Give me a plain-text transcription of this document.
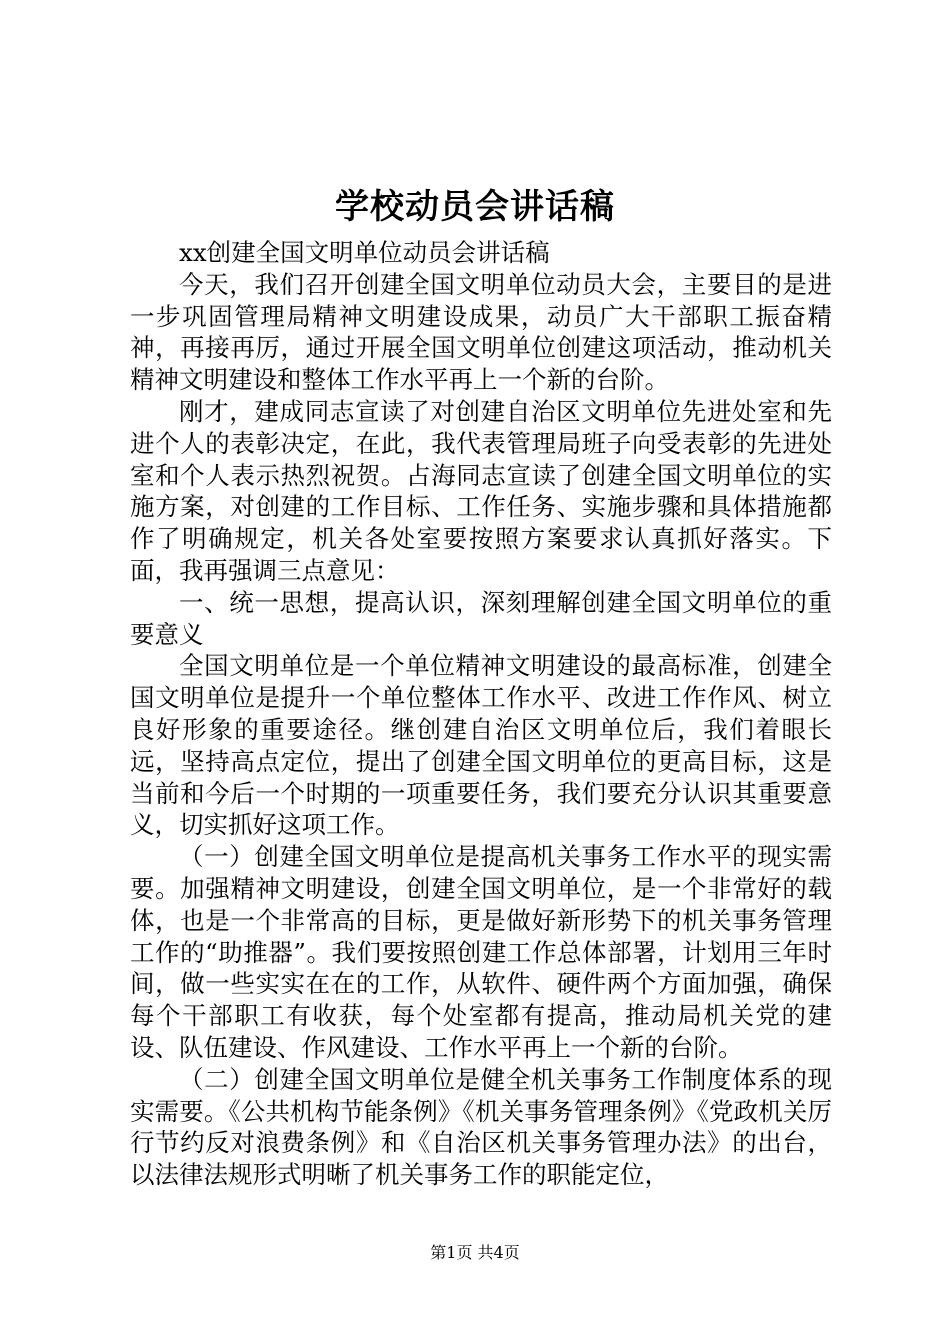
学校动员会讲话稿

xx创建全国文明单位动员会讲话稿

今天，我们召开创建全国文明单位动员大会，主要目的是进一步巩固管理局精神文明建设成果，动员广大干部职工振奋精神，再接再厉，通过开展全国文明单位创建这项活动，推动机关精神文明建设和整体工作水平再上一个新的台阶。

刚才，建成同志宣读了对创建自治区文明单位先进处室和先进个人的表彰决定，在此，我代表管理局班子向受表彰的先进处室和个人表示热烈祝贺。占海同志宣读了创建全国文明单位的实施方案，对创建的工作目标、工作任务、实施步骤和具体措施都作了明确规定，机关各处室要按照方案要求认真抓好落实。下面，我再强调三点意见：

一、统一思想，提高认识，深刻理解创建全国文明单位的重要意义

全国文明单位是一个单位精神文明建设的最高标准，创建全国文明单位是提升一个单位整体工作水平、改进工作作风、树立良好形象的重要途径。继创建自治区文明单位后，我们着眼长远，坚持高点定位，提出了创建全国文明单位的更高目标，这是当前和今后一个时期的一项重要任务，我们要充分认识其重要意义，切实抓好这项工作。

（一）创建全国文明单位是提高机关事务工作水平的现实需要。加强精神文明建设，创建全国文明单位，是一个非常好的载体，也是一个非常高的目标，更是做好新形势下的机关事务管理工作的“助推器”。我们要按照创建工作总体部署，计划用三年时间，做一些实实在在的工作，从软件、硬件两个方面加强，确保每个干部职工有收获，每个处室都有提高，推动局机关党的建设、队伍建设、作风建设、工作水平再上一个新的台阶。

（二）创建全国文明单位是健全机关事务工作制度体系的现实需要。《公共机构节能条例》《机关事务管理条例》《党政机关厉行节约反对浪费条例》和《自治区机关事务管理办法》的出台，以法律法规形式明晰了机关事务工作的职能定位，

第1页 共4页
